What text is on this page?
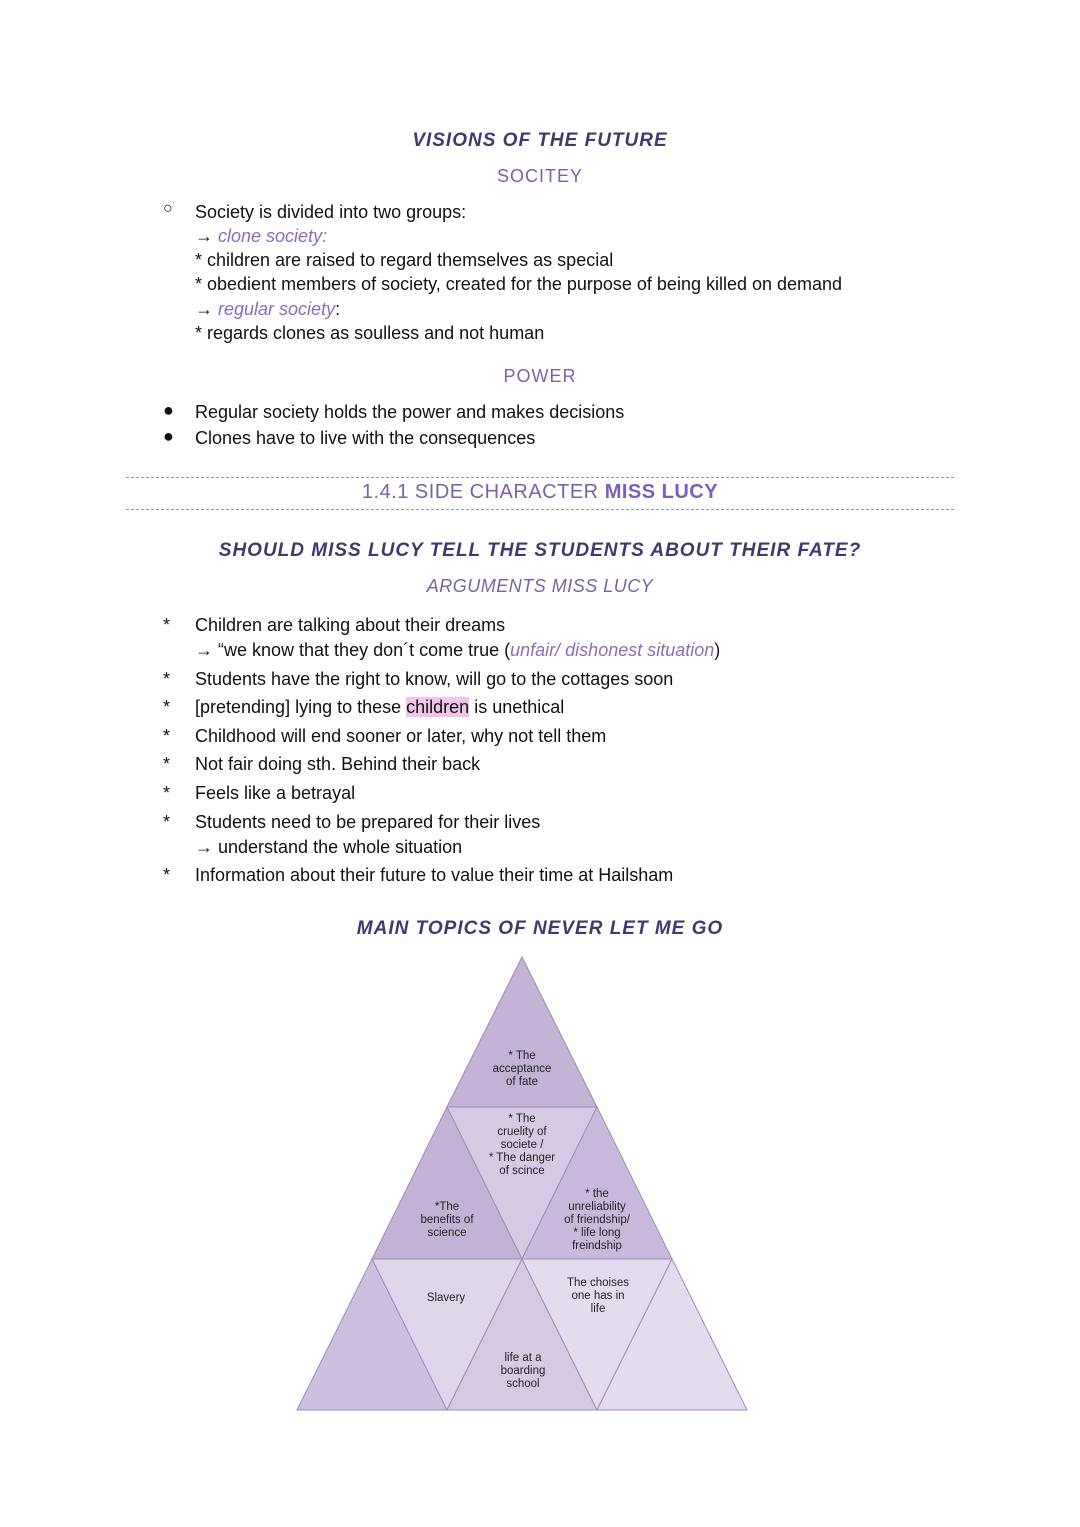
VISIONS OF THE FUTURE
SOCITEY
○ Society is divided into two groups:
→ clone society:
* children are raised to regard themselves as special
* obedient members of society, created for the purpose of being killed on demand
→ regular society:
* regards clones as soulless and not human
POWER
● Regular society holds the power and makes decisions
● Clones have to live with the consequences
1.4.1 SIDE CHARACTER MISS LUCY
SHOULD MISS LUCY TELL THE STUDENTS ABOUT THEIR FATE?
ARGUMENTS MISS LUCY
* Children are talking about their dreams
→ “we know that they don´t come true (unfair/ dishonest situation)
* Students have the right to know, will go to the cottages soon
* [pretending] lying to these children is unethical
* Childhood will end sooner or later, why not tell them
* Not fair doing sth. Behind their back
* Feels like a betrayal
* Students need to be prepared for their lives
→ understand the whole situation
* Information about their future to value their time at Hailsham
MAIN TOPICS OF NEVER LET ME GO
* The
acceptance
of fate
* The
cruelity of
societe /
* The danger
of scince
*The
benefits of
science
* the
unreliability
of friendship/
* life long
freindship
Slavery
The choises
one has in
life
life at a
boarding
school
